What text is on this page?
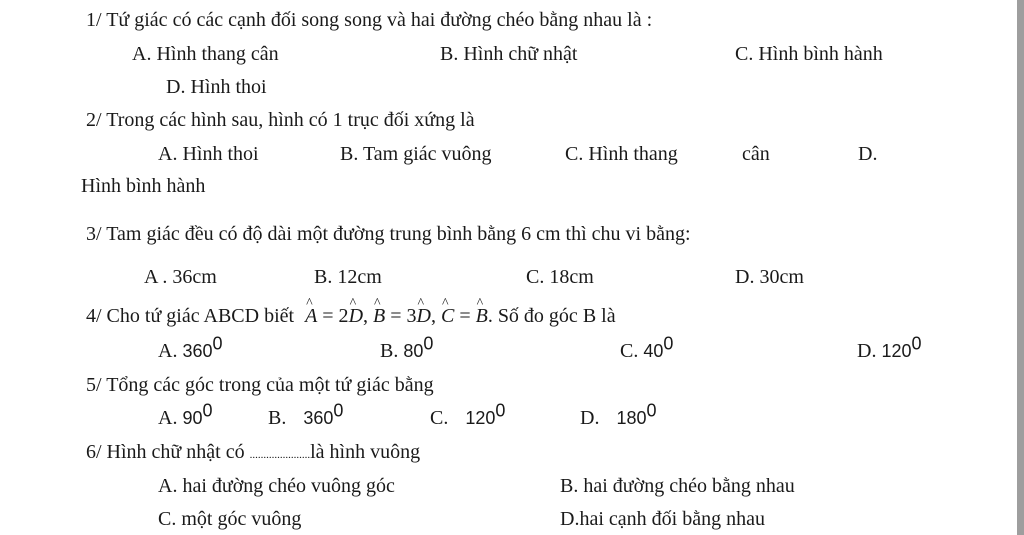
1/ Tứ giác có các cạnh đối song song và hai đường chéo bằng nhau là :
A. Hình thang cân	B. Hình chữ nhật	C. Hình bình hành
D. Hình thoi
2/ Trong các hình sau, hình có 1 trục đối xứng là
A. Hình thoi	B. Tam giác vuông	C. Hình thang	cân	D.
Hình bình hành
3/ Tam giác đều có độ dài một đường trung bình bằng 6 cm thì chu vi bằng:
A . 36cm	B. 12cm	C. 18cm	D. 30cm
4/ Cho tứ giác ABCD biết ^ A = 2^ D, ^ B = 3^ D, ^ C = ^ B. Số đo góc B là
A. $360^0$	B. $80^0$	C. $40^0$	D. $120^0$
5/ Tổng các góc trong của một tứ giác bằng
A. $90^0$	B. $360^0$	C. $120^0$	D. $180^0$
6/ Hình chữ nhật có ......................là hình vuông
A. hai đường chéo vuông góc	B. hai đường chéo bằng nhau
C. một góc vuông	D.hai cạnh đối bằng nhau
